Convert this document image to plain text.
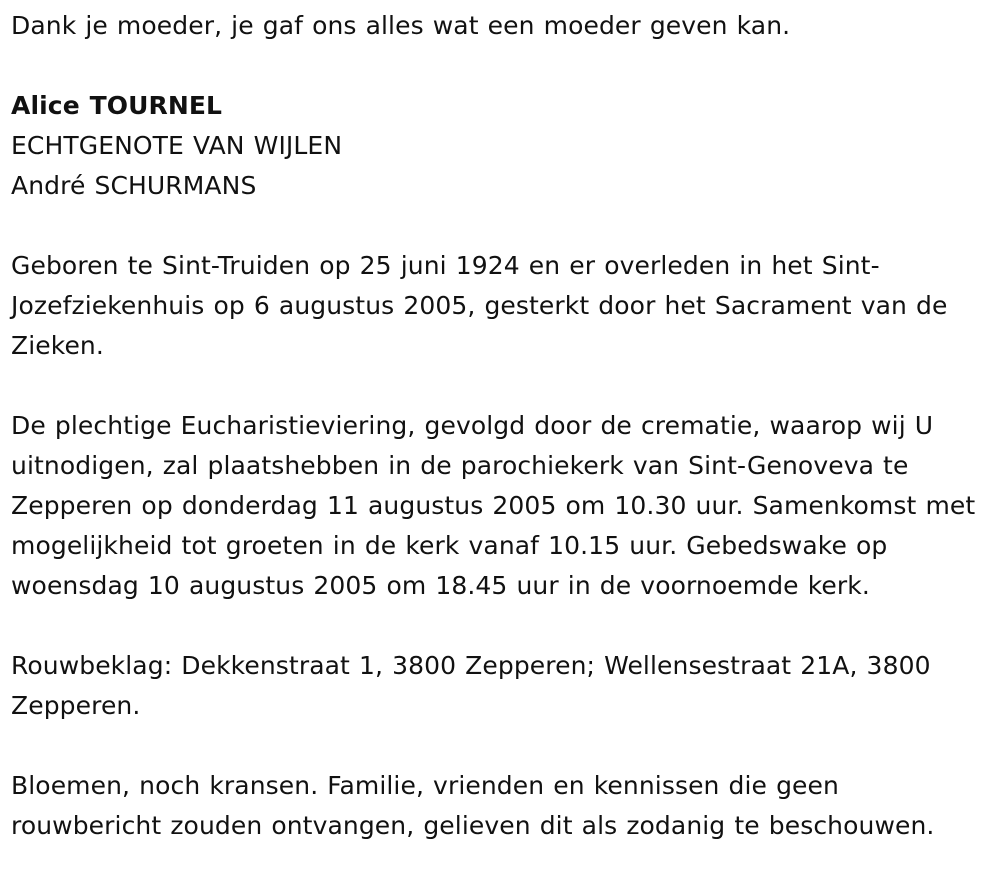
Dank je moeder, je gaf ons alles wat een moeder geven kan.

Alice TOURNEL

ECHTGENOTE VAN WIJLEN

André SCHURMANS

Geboren te Sint-Truiden op 25 juni 1924 en er overleden in het Sint-Jozefziekenhuis op 6 augustus 2005, gesterkt door het Sacrament van de Zieken.

De plechtige Eucharistieviering, gevolgd door de crematie, waarop wij U uitnodigen, zal plaatshebben in de parochiekerk van Sint-Genoveva te Zepperen op donderdag 11 augustus 2005 om 10.30 uur. Samenkomst met mogelijkheid tot groeten in de kerk vanaf 10.15 uur. Gebedswake op woensdag 10 augustus 2005 om 18.45 uur in de voornoemde kerk.

Rouwbeklag: Dekkenstraat 1, 3800 Zepperen; Wellensestraat 21A, 3800 Zepperen.

Bloemen, noch kransen. Familie, vrienden en kennissen die geen rouwbericht zouden ontvangen, gelieven dit als zodanig te beschouwen.
